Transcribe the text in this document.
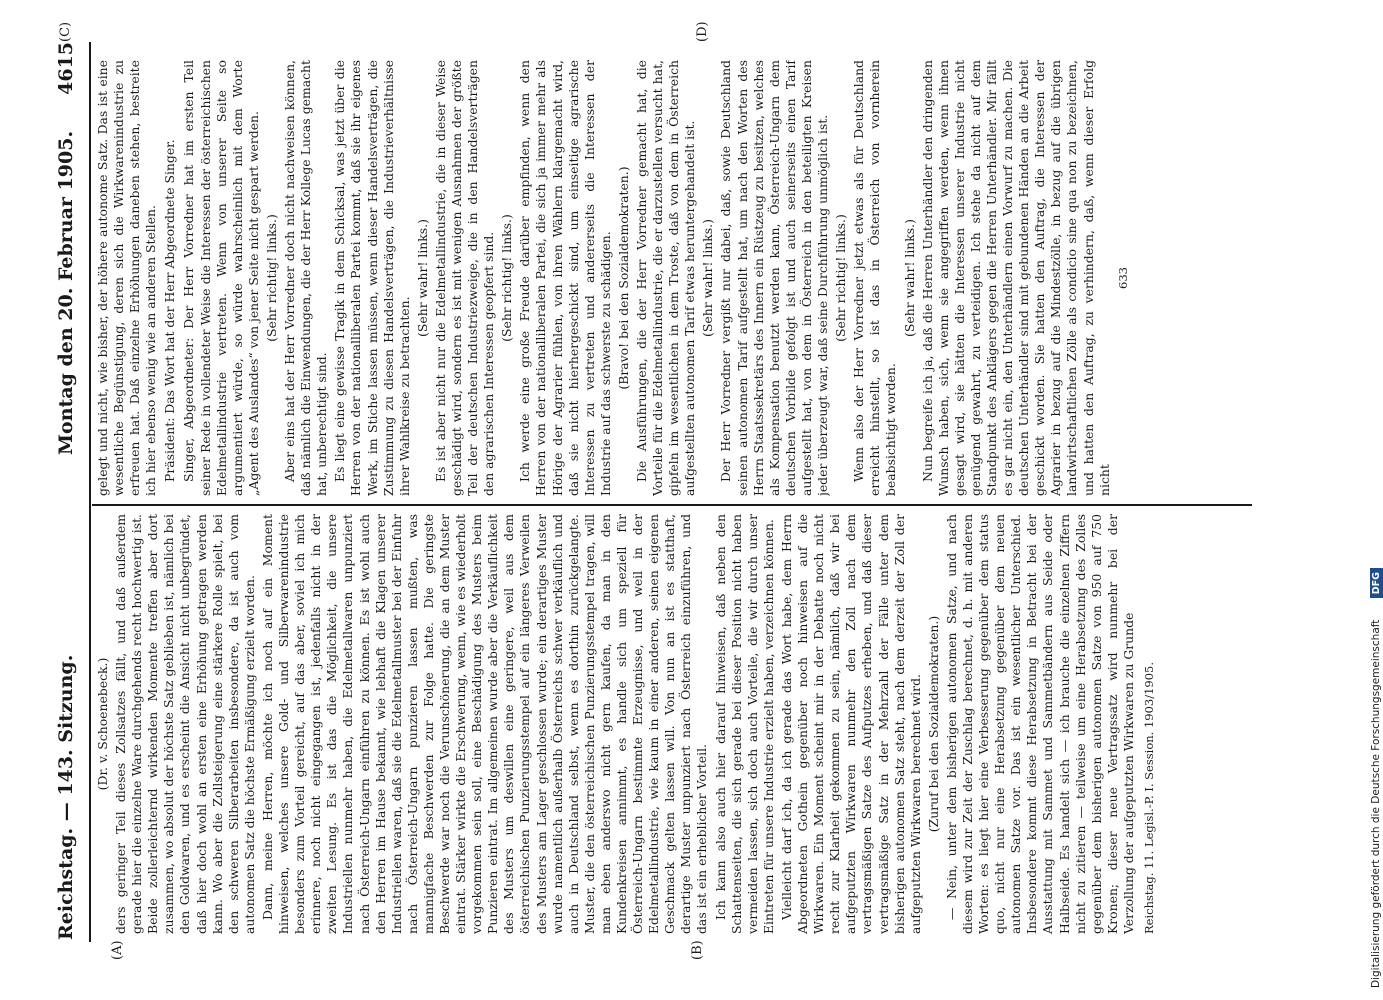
Reichstag. — 143. Sitzung.
Montag den 20. Februar 1905.
4615
(A)	(B)
(C)	(D)

(Dr. v. Schoenebeck.) ders geringer Teil dieses Zollsatzes fällt, und daß außerdem gerade hier die einzelne Ware durchgehends recht hochwertig ist. Beide zollerleichternd wirkenden Momente treffen aber dort zusammen, wo absolut der höchste Satz geblieben ist, nämlich bei den Goldwaren, und es erscheint die Ansicht nicht unbegründet, daß hier doch wohl an ersten eine Erhöhung getragen werden kann. Wo aber die Zollsteigerung eine stärkere Rolle spielt, bei den schweren Silberarbeiten insbesondere, da ist auch vom autonomen Satz die höchste Ermäßigung erzielt worden. Dann, meine Herren, möchte ich noch auf ein Moment hinweisen, welches unsere Gold- und Silberwarenindustrie besonders zum Vorteil gereicht, auf das aber, soviel ich mich erinnere, noch nicht eingegangen ist, jedenfalls nicht in der zweiten Lesung. Es ist das die Möglichkeit, die unsere Industriellen nunmehr haben, die Edelmetallwaren unpunziert nach Österreich-Ungarn einführen zu können. Es ist wohl auch den Herren im Hause bekannt, wie lebhaft die Klagen unserer Industriellen waren, daß sie die Edelmetallmuster bei der Einfuhr nach Österreich-Ungarn punzieren lassen mußten, was mannigfache Beschwerden zur Folge hatte. Die geringste Beschwerde war noch die Verunschönerung, die an dem Muster eintrat. Stärker wirkte die Erschwerung, wenn, wie es wiederholt vorgekommen sein soll, eine Beschädigung des Musters beim Punzieren eintrat. Im allgemeinen wurde aber die Verkäuflichkeit des Musters um deswillen eine geringere, weil aus dem österreichischen Punzierungsstempel auf ein längeres Verweilen des Musters am Lager geschlossen wurde; ein derartiges Muster wurde namentlich außerhalb Österreichs schwer verkäuflich und auch in Deutschland selbst, wenn es dorthin zurückgelangte. Muster, die den österreichischen Punzierungsstempel tragen, will man eben anderswo nicht gern kaufen, da man in den Kundenkreisen annimmt, es handle sich um speziell für Österreich-Ungarn bestimmte Erzeugnisse, und weil in der Edelmetallindustrie, wie kaum in einer anderen, seinen eigenen Geschmack gelten lassen will. Von nun an ist es statthaft, derartige Muster unpunziert nach Österreich einzuführen, und das ist ein erheblicher Vorteil. Ich kann also auch hier darauf hinweisen, daß neben den Schattenseiten, die sich gerade bei dieser Position nicht haben vermeiden lassen, sich doch auch Vorteile, die wir durch unser Eintreten für unsere Industrie erzielt haben, verzeichnen können. Vielleicht darf ich, da ich gerade das Wort habe, dem Herrn Abgeordneten Gothein gegenüber noch hinweisen auf die Wirkwaren. Ein Moment scheint mir in der Debatte noch nicht recht zur Klarheit gekommen zu sein, nämlich, daß wir bei aufgeputzten Wirkwaren nunmehr den Zoll nach dem vertragsmäßigen Satze des Aufputzes erheben, und daß dieser vertragsmäßige Satz in der Mehrzahl der Fälle unter dem bisherigen autonomen Satz steht, nach dem derzeit der Zoll der aufgeputzten Wirkwaren berechnet wird. (Zuruf bei den Sozialdemokraten.) — Nein, unter dem bisherigen autonomen Satze, und nach diesem wird zur Zeit der Zuschlag berechnet, d. h. mit anderen Worten: es liegt hier eine Verbesserung gegenüber dem status quo, nicht nur eine Herabsetzung gegenüber dem neuen autonomen Satze vor. Das ist ein wesentlicher Unterschied. Insbesondere kommt diese Herabsetzung in Betracht bei der Ausstattung mit Sammet und Sammetbändern aus Seide oder Halbseide. Es handelt sich — ich brauche die einzelnen Ziffern nicht zu zitieren — teilweise um eine Herabsetzung des Zolles gegenüber dem bisherigen autonomen Satze von 950 auf 750 Kronen; dieser neue Vertragssatz wird nunmehr bei der Verzollung der aufgeputzten Wirkwaren zu Grunde Reichstag. 11. Legisl.-P. I. Session. 1903/1905.

gelegt und nicht, wie bisher, der höhere autonome Satz. Das ist eine wesentliche Begünstigung, deren sich die Wirkwarenindustrie zu erfreuen hat. Daß einzelne Erhöhungen daneben stehen, bestreite ich hier ebenso wenig wie an anderen Stellen. Präsident: Das Wort hat der Herr Abgeordnete Singer. Singer, Abgeordneter: Der Herr Vorredner hat im ersten Teil seiner Rede in vollendeter Weise die Interessen der österreichischen Edelmetallindustrie vertreten. Wenn von unserer Seite so argumentiert würde, so würde wahrscheinlich mit dem Worte „Agent des Auslandes“ von jener Seite nicht gespart werden. (Sehr richtig! links.) Aber eins hat der Herr Vorredner doch nicht nachweisen können, daß nämlich die Einwendungen, die der Herr Kollege Lucas gemacht hat, unberechtigt sind. Es liegt eine gewisse Tragik in dem Schicksal, was jetzt über die Herren von der nationalliberalen Partei kommt, daß sie ihr eigenes Werk, im Stiche lassen müssen, wenn dieser Handelsverträgen, die Zustimmung zu diesen Handelsverträgen, die Industrieverhältnisse ihrer Wahlkreise zu betrachten.

(Sehr wahr! links.) Es ist aber nicht nur die Edelmetallindustrie, die in dieser Weise geschädigt wird, sondern es ist mit wenigen Ausnahmen der größte Teil der deutschen Industriezweige, die in den Handelsverträgen den agrarischen Interessen geopfert sind. (Sehr richtig! links.) Ich werde eine große Freude darüber empfinden, wenn den Herren von der nationalliberalen Partei, die sich ja immer mehr als Hörige der Agrarier fühlen, von ihren Wählern klargemacht wird, daß sie nicht hierhergeschickt sind, um einseitige agrarische Interessen zu vertreten und andererseits die Interessen der Industrie auf das schwerste zu schädigen. (Bravo! bei den Sozialdemokraten.) Die Ausführungen, die der Herr Vorredner gemacht hat, die Vorteile für die Edelmetallindustrie, die er darzustellen versucht hat, gipfeln im wesentlichen in dem Troste, daß von dem in Österreich aufgestellten autonomen Tarif etwas heruntergehandelt ist. (Sehr wahr! links.) Der Herr Vorredner vergißt nur dabei, daß, sowie Deutschland seinen autonomen Tarif aufgestellt hat, um nach den Worten des Herrn Staatssekretärs des Innern ein Rüstzeug zu besitzen, welches als Kompensation benutzt werden kann, Österreich-Ungarn dem deutschen Vorbilde gefolgt ist und auch seinerseits einen Tarif aufgestellt hat, von dem in Österreich in den beteiligten Kreisen jeder überzeugt war, daß seine Durchführung unmöglich ist. (Sehr richtig! links.) Wenn also der Herr Vorredner jetzt etwas als für Deutschland erreicht hinstellt, so ist das in Österreich von vornherein beabsichtigt worden.

(Sehr wahr! links.) Nun begreife ich ja, daß die Herren Unterhändler den dringenden Wunsch haben, sich, wenn sie angegriffen werden, wenn ihnen gesagt wird, sie hätten die Interessen unserer Industrie nicht genügend gewahrt, zu verteidigen. Ich stehe da nicht auf dem Standpunkt des Anklägers gegen die Herren Unterhändler. Mir fällt es gar nicht ein, den Unterhändlern einen Vorwurf zu machen. Die deutschen Unterhändler sind mit gebundenen Händen an die Arbeit geschickt worden. Sie hatten den Auftrag, die Interessen der Agrarier in bezug auf die Mindestzölle, in bezug auf die übrigen landwirtschaftlichen Zölle als condicio sine qua non zu bezeichnen, und hatten den Auftrag, zu verhindern, daß, wenn dieser Erfolg nicht

633

Digitalisierung gefördert durch die Deutsche Forschungsgemeinschaft DFG
